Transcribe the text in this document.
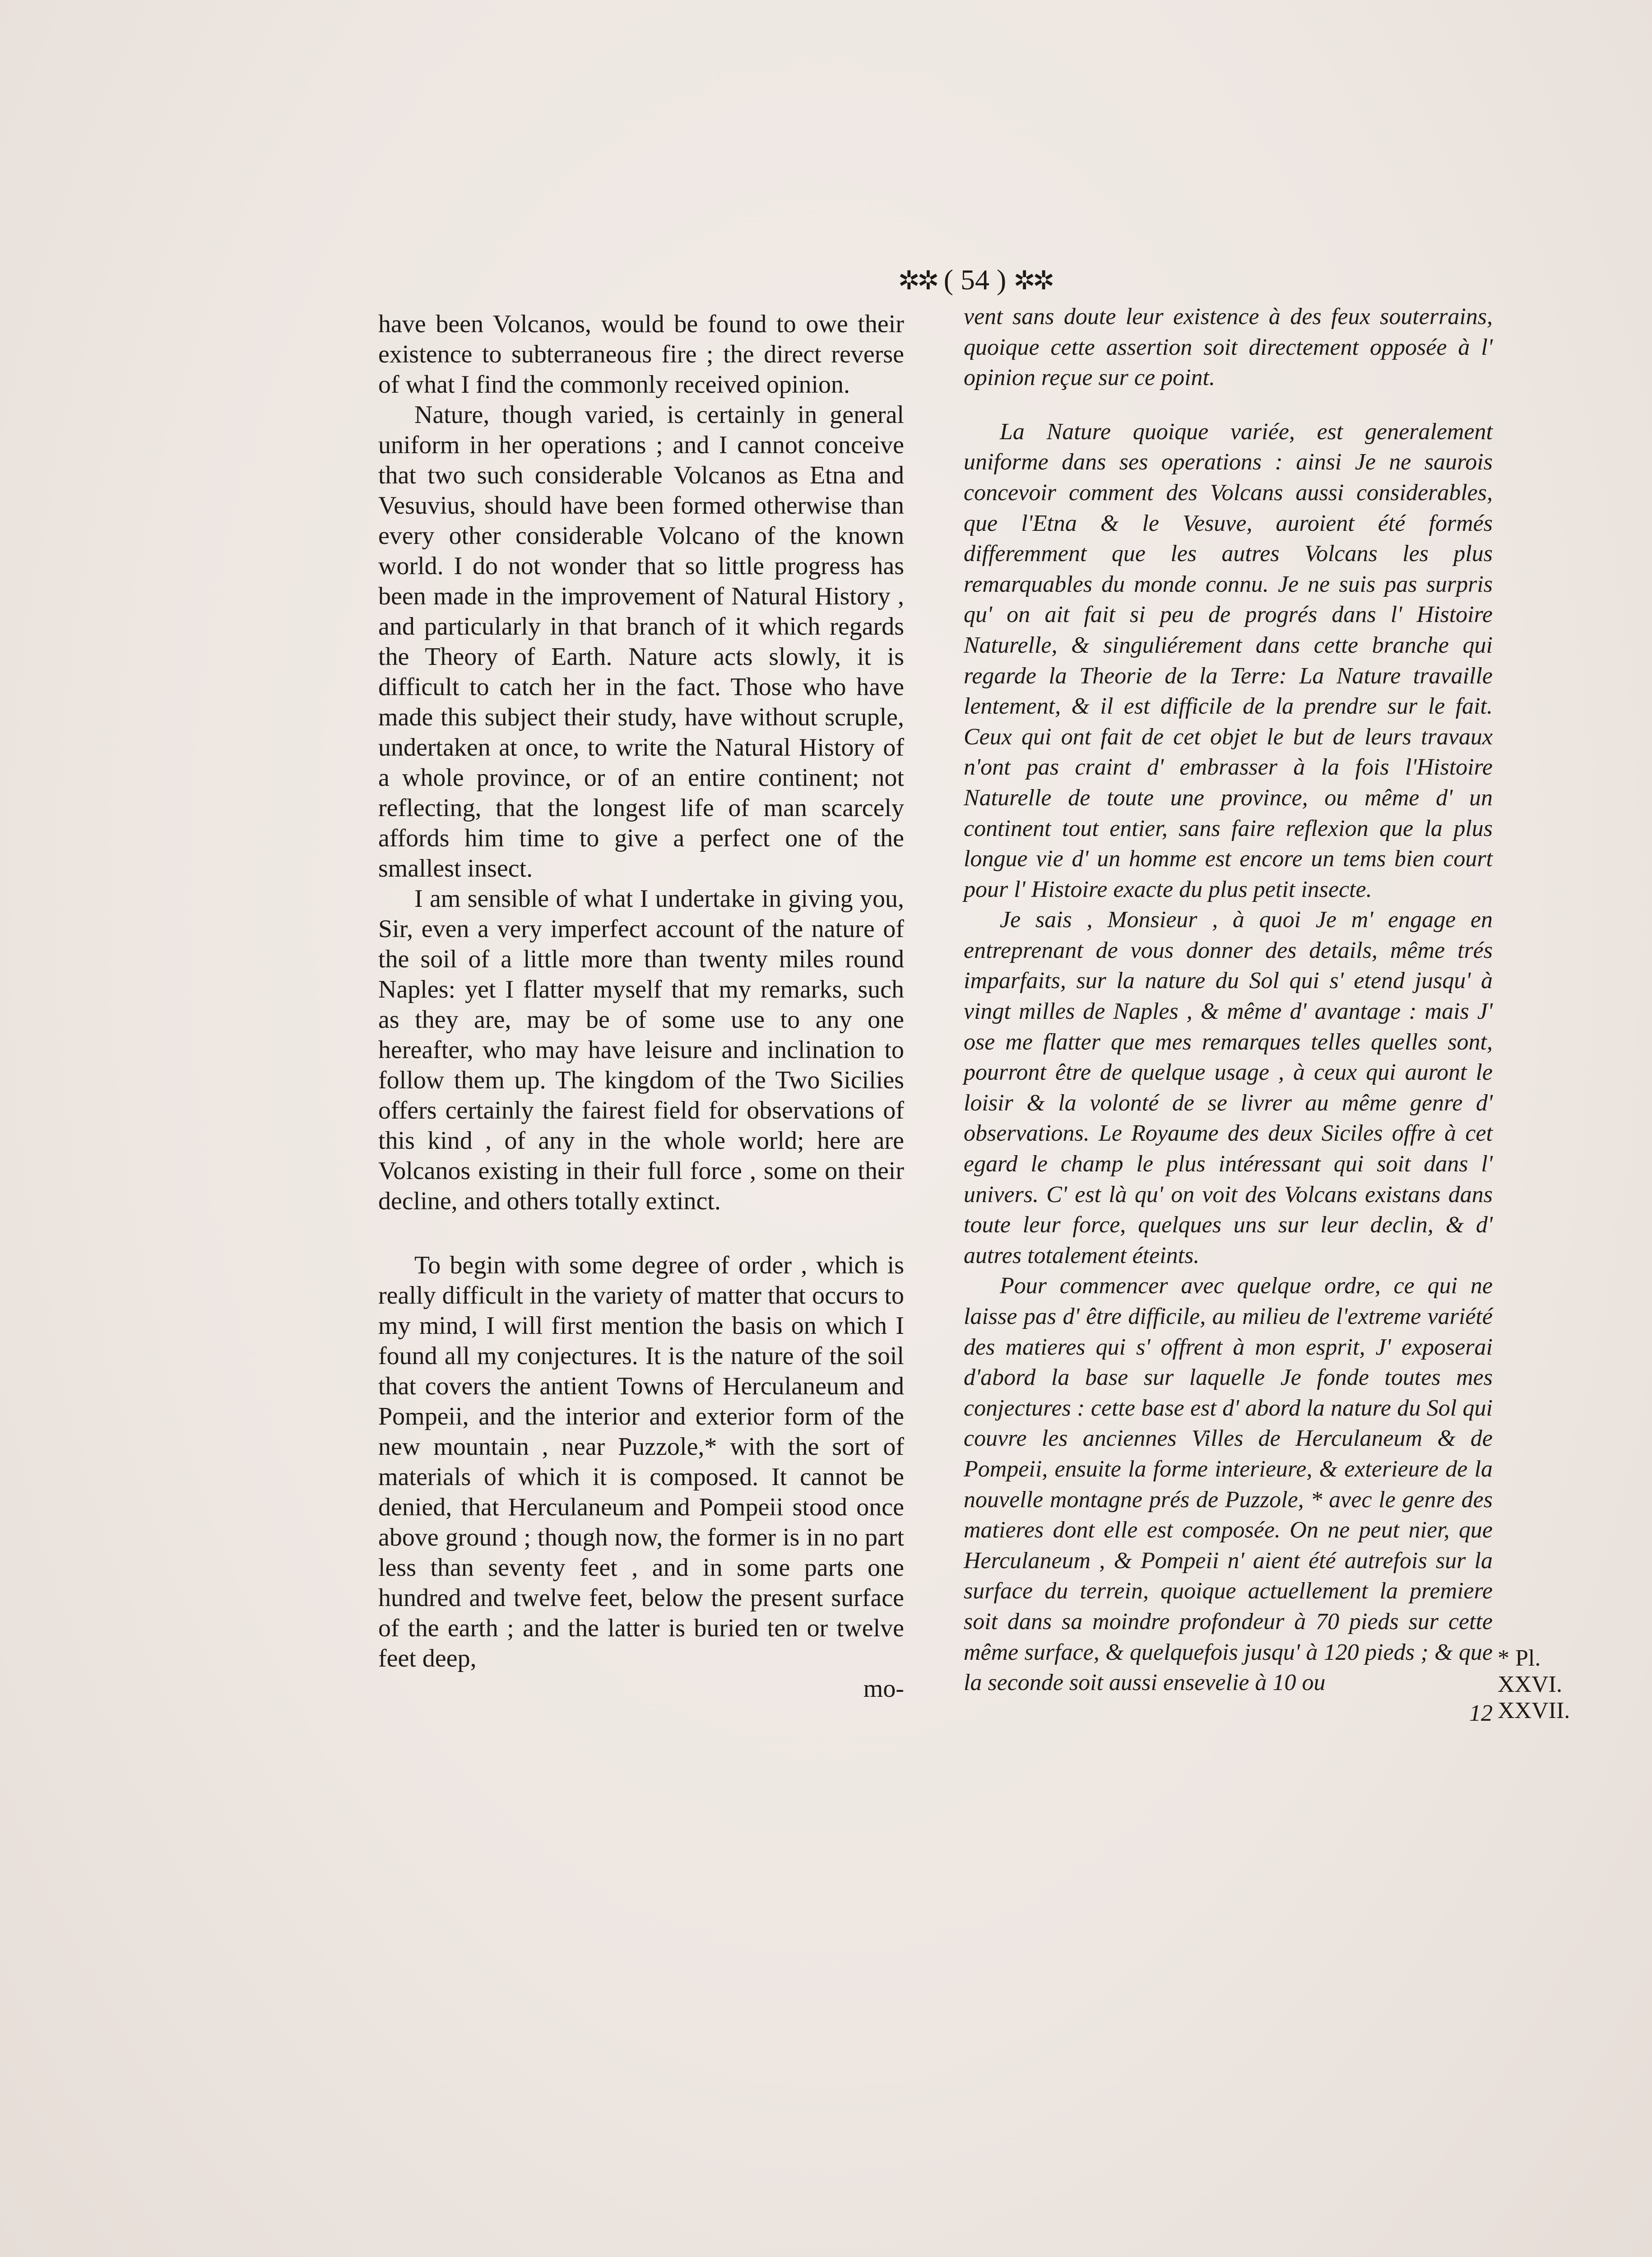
✲✲ ( 54 ) ✲✲

have been Volcanos, would be found to owe their existence to subterraneous fire ; the direct reverse of what I find the commonly received opinion.

Nature, though varied, is certainly in general uniform in her operations ; and I cannot conceive that two such considerable Volcanos as Etna and Vesuvius, should have been formed otherwise than every other considerable Volcano of the known world. I do not wonder that so little progress has been made in the improvement of Natural History , and particularly in that branch of it which regards the Theory of Earth. Nature acts slowly, it is difficult to catch her in the fact. Those who have made this subject their study, have without scruple, undertaken at once, to write the Natural History of a whole province, or of an entire continent; not reflecting, that the longest life of man scarcely affords him time to give a perfect one of the smallest insect.

I am sensible of what I undertake in giving you, Sir, even a very imperfect account of the nature of the soil of a little more than twenty miles round Naples: yet I flatter myself that my remarks, such as they are, may be of some use to any one hereafter, who may have leisure and inclination to follow them up. The kingdom of the Two Sicilies offers certainly the fairest field for observations of this kind , of any in the whole world; here are Volcanos existing in their full force , some on their decline, and others totally extinct.

To begin with some degree of order , which is really difficult in the variety of matter that occurs to my mind, I will first mention the basis on which I found all my conjectures. It is the nature of the soil that covers the antient Towns of Herculaneum and Pompeii, and the interior and exterior form of the new mountain , near Puzzole,* with the sort of materials of which it is composed. It cannot be denied, that Herculaneum and Pompeii stood once above ground ; though now, the former is in no part less than seventy feet , and in some parts one hundred and twelve feet, below the present surface of the earth ; and the latter is buried ten or twelve feet deep,

mo-

vent sans doute leur existence à des feux souterrains, quoique cette assertion soit directement opposée à l' opinion reçue sur ce point.

La Nature quoique variée, est generalement uniforme dans ses operations : ainsi Je ne saurois concevoir comment des Volcans aussi considerables, que l'Etna & le Vesuve, auroient été formés differemment que les autres Volcans les plus remarquables du monde connu. Je ne suis pas surpris qu' on ait fait si peu de progrés dans l' Histoire Naturelle, & singuliérement dans cette branche qui regarde la Theorie de la Terre: La Nature travaille lentement, & il est difficile de la prendre sur le fait. Ceux qui ont fait de cet objet le but de leurs travaux n'ont pas craint d' embrasser à la fois l'Histoire Naturelle de toute une province, ou même d' un continent tout entier, sans faire reflexion que la plus longue vie d' un homme est encore un tems bien court pour l' Histoire exacte du plus petit insecte.

Je sais , Monsieur , à quoi Je m' engage en entreprenant de vous donner des details, même trés imparfaits, sur la nature du Sol qui s' etend jusqu' à vingt milles de Naples , & même d' avantage : mais J' ose me flatter que mes remarques telles quelles sont, pourront être de quelque usage , à ceux qui auront le loisir & la volonté de se livrer au même genre d' observations. Le Royaume des deux Siciles offre à cet egard le champ le plus intéressant qui soit dans l' univers. C' est là qu' on voit des Volcans existans dans toute leur force, quelques uns sur leur declin, & d' autres totalement éteints.

Pour commencer avec quelque ordre, ce qui ne laisse pas d' être difficile, au milieu de l'extreme variété des matieres qui s' offrent à mon esprit, J' exposerai d'abord la base sur laquelle Je fonde toutes mes conjectures : cette base est d' abord la nature du Sol qui couvre les anciennes Villes de Herculaneum & de Pompeii, ensuite la forme interieure, & exterieure de la nouvelle montagne prés de Puzzole, * avec le genre des matieres dont elle est composée. On ne peut nier, que Herculaneum , & Pompeii n' aient été autrefois sur la surface du terrein, quoique actuellement la premiere soit dans sa moindre profondeur à 70 pieds sur cette même surface, & quelquefois jusqu' à 120 pieds ; & que la seconde soit aussi ensevelie à 10 ou

12
* Pl.
XXVI.
XXVII.
